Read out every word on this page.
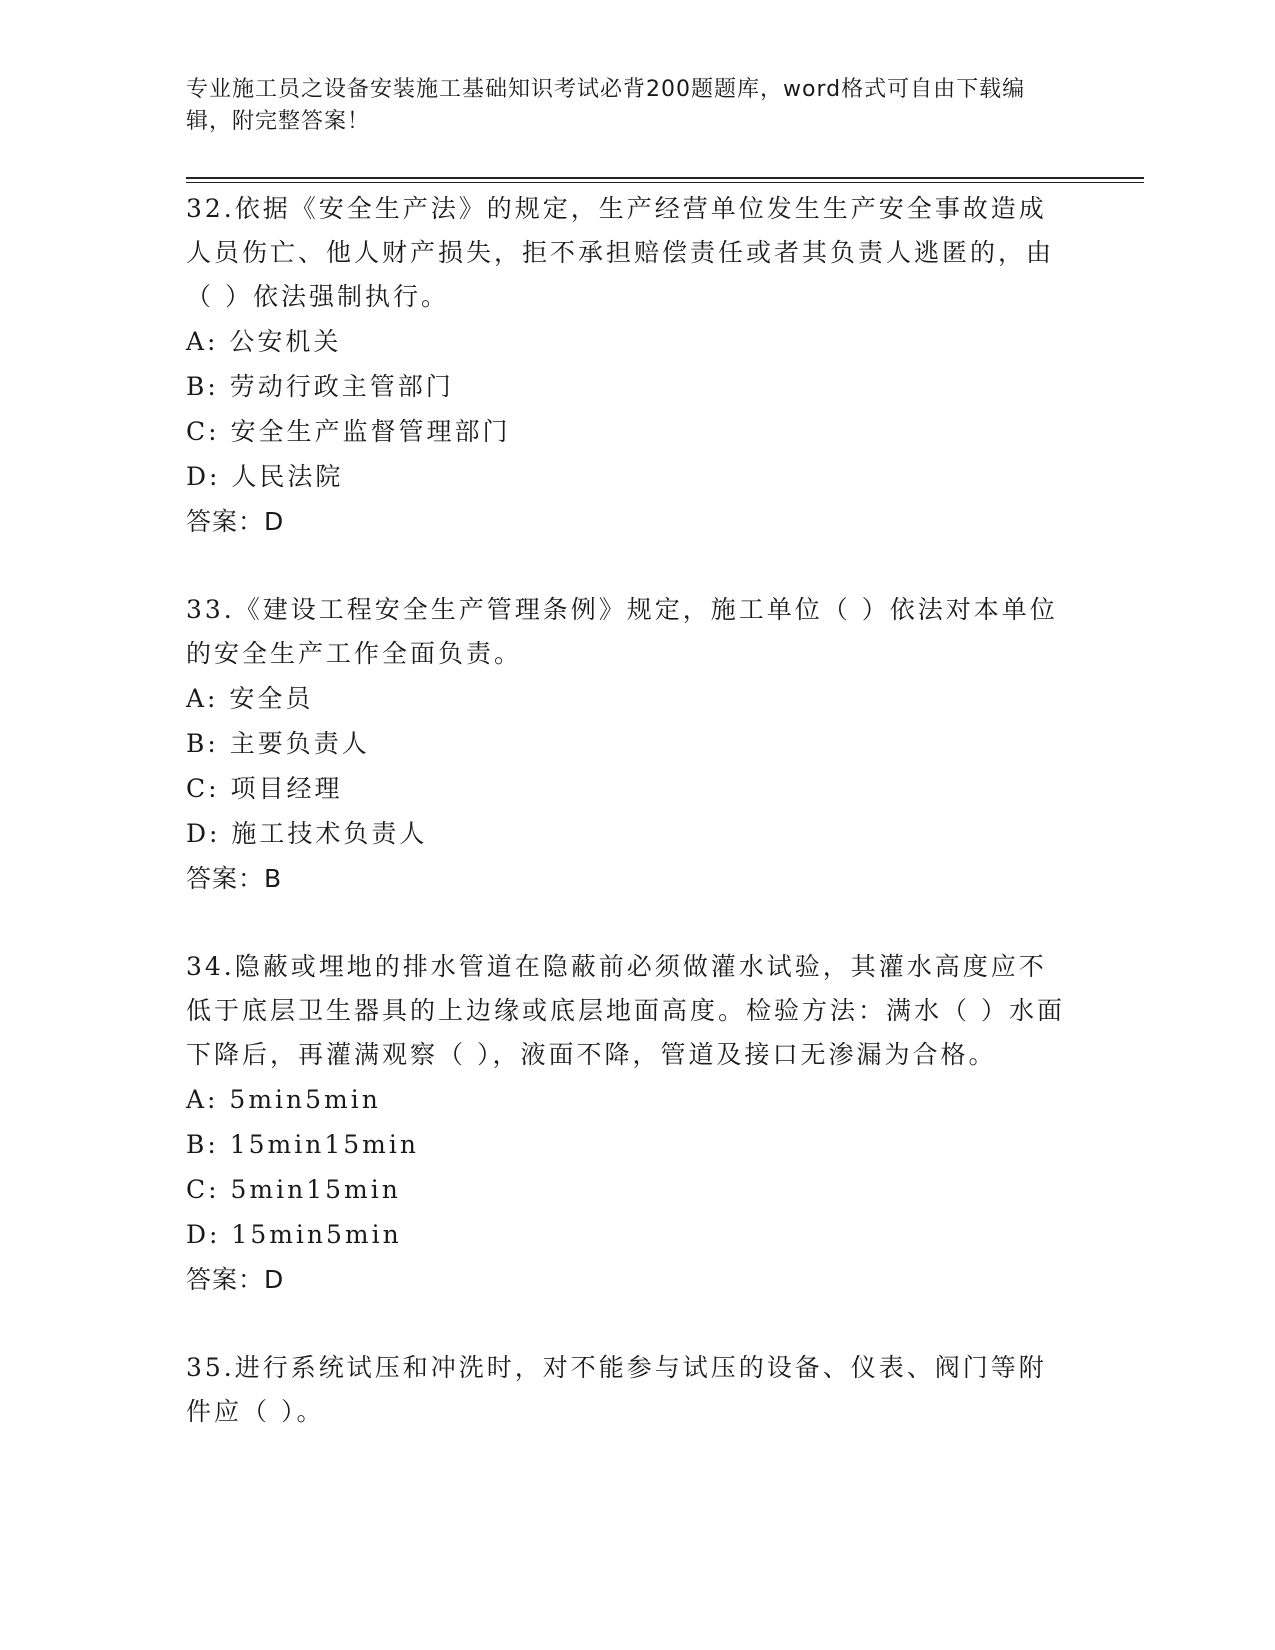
专业施工员之设备安装施工基础知识考试必背200题题库，word格式可自由下载编辑，附完整答案！

32.依据《安全生产法》的规定，生产经营单位发生生产安全事故造成人员伤亡、他人财产损失，拒不承担赔偿责任或者其负责人逃匿的，由（ ）依法强制执行。

A: 公安机关

B: 劳动行政主管部门

C: 安全生产监督管理部门

D: 人民法院

答案：D

33.《建设工程安全生产管理条例》规定，施工单位（ ）依法对本单位的安全生产工作全面负责。

A: 安全员

B: 主要负责人

C: 项目经理

D: 施工技术负责人

答案：B

34.隐蔽或埋地的排水管道在隐蔽前必须做灌水试验，其灌水高度应不低于底层卫生器具的上边缘或底层地面高度。检验方法：满水（ ）水面下降后，再灌满观察（ ），液面不降，管道及接口无渗漏为合格。

A: 5min5min

B: 15min15min

C: 5min15min

D: 15min5min

答案：D

35.进行系统试压和冲洗时，对不能参与试压的设备、仪表、阀门等附件应（ ）。
